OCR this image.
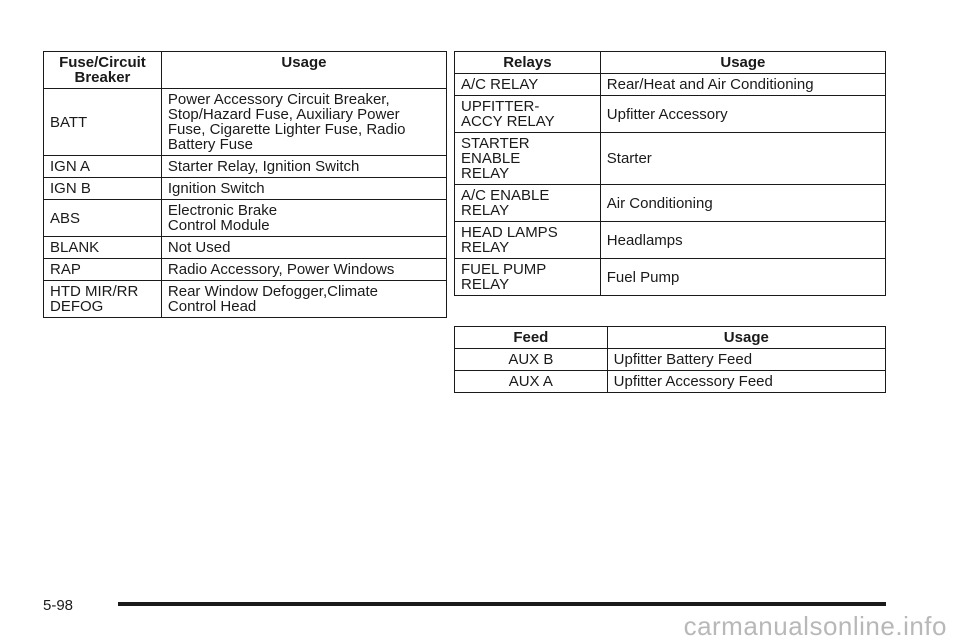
Fuse/Circuit
Breaker	Usage
BATT	Power Accessory Circuit Breaker,
Stop/Hazard Fuse, Auxiliary Power
Fuse, Cigarette Lighter Fuse, Radio
Battery Fuse
IGN A	Starter Relay, Ignition Switch
IGN B	Ignition Switch
ABS	Electronic Brake
Control Module
BLANK	Not Used
RAP	Radio Accessory, Power Windows
HTD MIR/RR
DEFOG	Rear Window Defogger,Climate
Control Head
Relays	Usage
A/C RELAY	Rear/Heat and Air Conditioning
UPFITTER-
ACCY RELAY	Upfitter Accessory
STARTER
ENABLE
RELAY	Starter
A/C ENABLE
RELAY	Air Conditioning
HEAD LAMPS
RELAY	Headlamps
FUEL PUMP
RELAY	Fuel Pump
Feed	Usage
AUX B	Upfitter Battery Feed
AUX A	Upfitter Accessory Feed
5-98
carmanualsonline.info
